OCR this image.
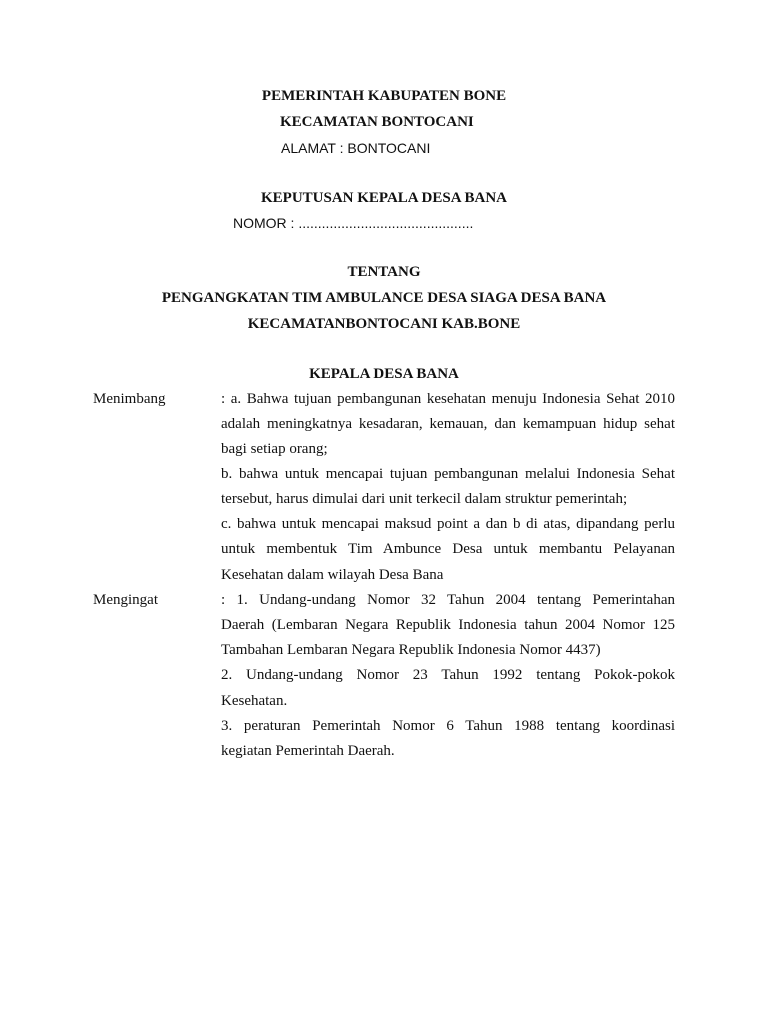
PEMERINTAH KABUPATEN BONE
KECAMATAN BONTOCANI
ALAMAT : BONTOCANI
KEPUTUSAN KEPALA DESA BANA
NOMOR : .............................................
TENTANG
PENGANGKATAN TIM AMBULANCE DESA SIAGA DESA BANA
KECAMATANBONTOCANI KAB.BONE
KEPALA DESA BANA
Menimbang	: a. Bahwa tujuan pembangunan kesehatan menuju Indonesia Sehat 2010
adalah meningkatnya kesadaran, kemauan, dan kemampuan hidup sehat
bagi setiap orang;
b. bahwa untuk mencapai tujuan pembangunan melalui Indonesia Sehat
tersebut, harus dimulai dari unit terkecil dalam struktur pemerintah;
c. bahwa untuk mencapai maksud point a dan b di atas, dipandang perlu
untuk membentuk Tim Ambunce Desa untuk membantu Pelayanan
Kesehatan dalam wilayah Desa Bana
Mengingat	: 1. Undang-undang Nomor 32 Tahun 2004 tentang Pemerintahan
Daerah (Lembaran Negara Republik Indonesia tahun 2004 Nomor 125
Tambahan Lembaran Negara Republik Indonesia Nomor 4437)
2. Undang-undang Nomor 23 Tahun 1992 tentang Pokok-pokok
Kesehatan.
3. peraturan Pemerintah Nomor 6 Tahun 1988 tentang koordinasi
kegiatan Pemerintah Daerah.
